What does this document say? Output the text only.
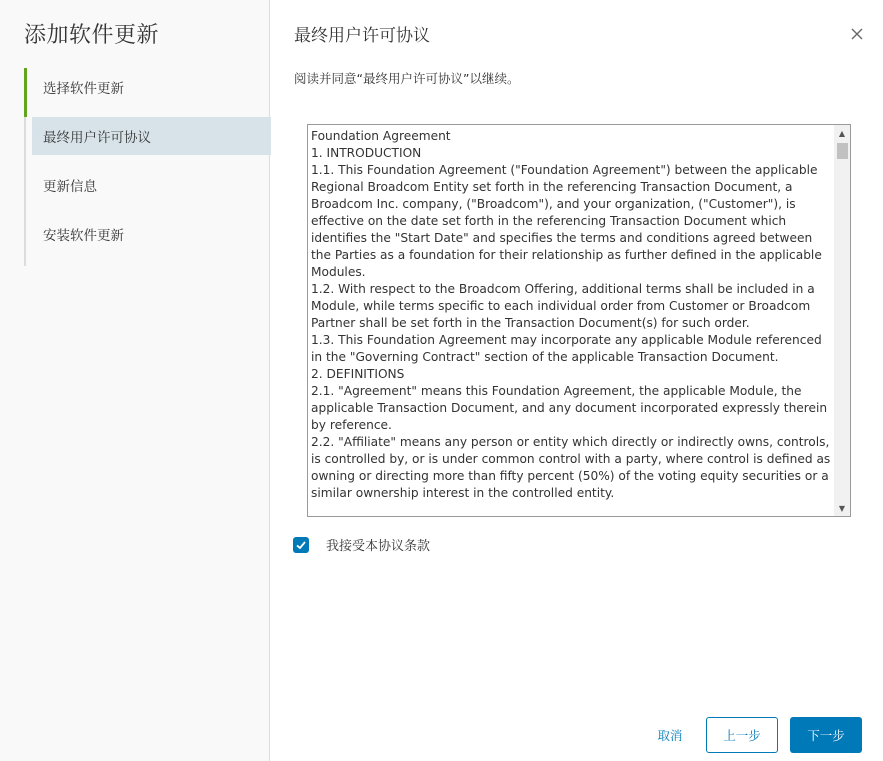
添加软件更新
选择软件更新
最终用户许可协议
更新信息
安装软件更新
最终用户许可协议
阅读并同意“最终用户许可协议”以继续。
Foundation Agreement
1. INTRODUCTION
1.1. This Foundation Agreement ("Foundation Agreement") between the applicable Regional Broadcom Entity set forth in the referencing Transaction Document, a Broadcom Inc. company, ("Broadcom"), and your organization, ("Customer"), is effective on the date set forth in the referencing Transaction Document which identifies the "Start Date" and specifies the terms and conditions agreed between the Parties as a foundation for their relationship as further defined in the applicable Modules.
1.2. With respect to the Broadcom Offering, additional terms shall be included in a Module, while terms specific to each individual order from Customer or Broadcom Partner shall be set forth in the Transaction Document(s) for such order.
1.3. This Foundation Agreement may incorporate any applicable Module referenced in the "Governing Contract" section of the applicable Transaction Document.
2. DEFINITIONS
2.1. "Agreement" means this Foundation Agreement, the applicable Module, the applicable Transaction Document, and any document incorporated expressly therein by reference.
2.2. "Affiliate" means any person or entity which directly or indirectly owns, controls, is controlled by, or is under common control with a party, where control is defined as owning or directing more than fifty percent (50%) of the voting equity securities or a similar ownership interest in the controlled entity.
▲
▼
我接受本协议条款
取消	上一步	下一步
